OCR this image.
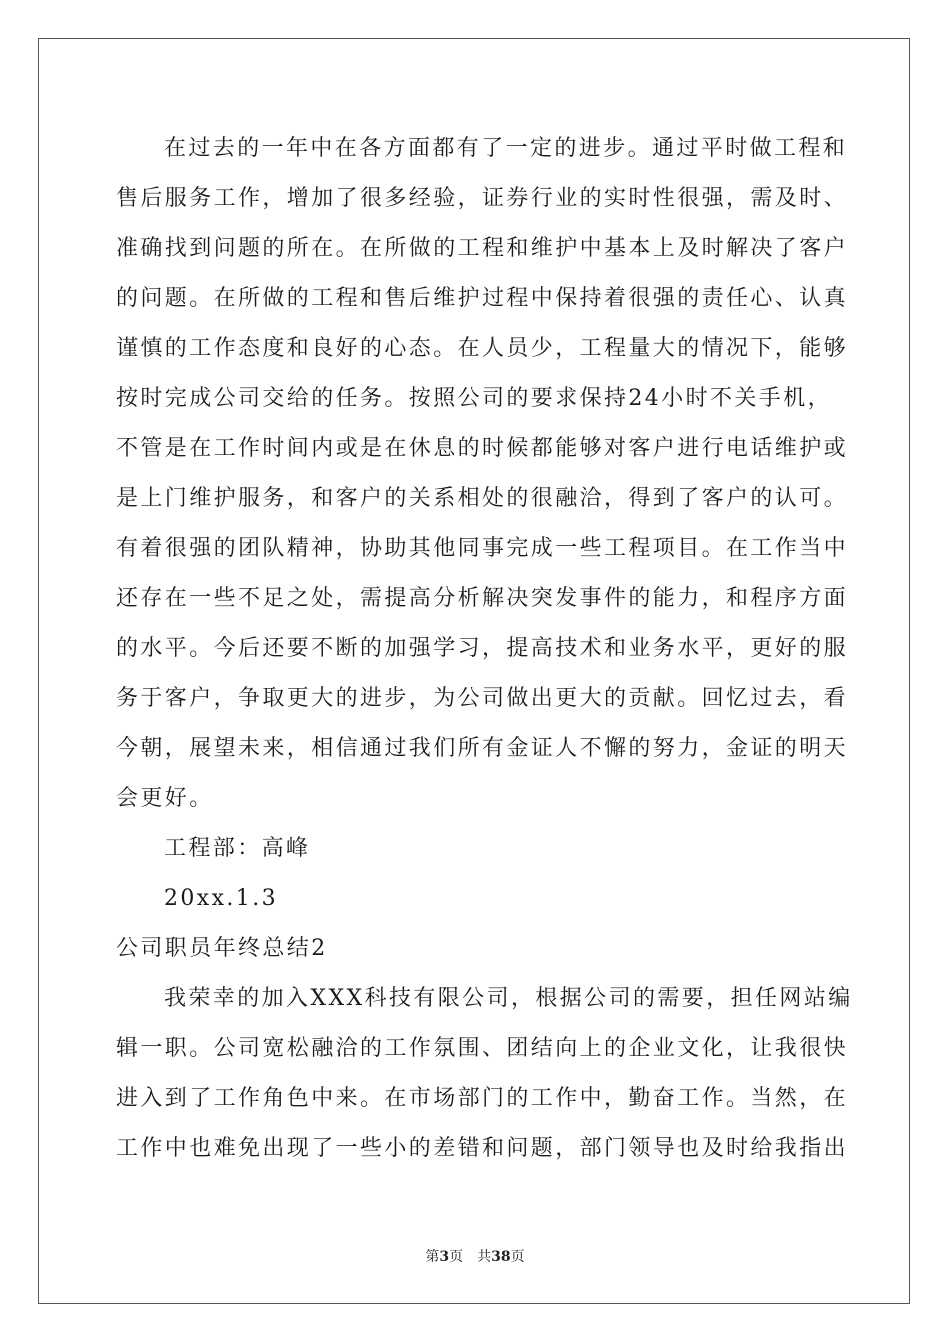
在过去的一年中在各方面都有了一定的进步。通过平时做工程和
售后服务工作，增加了很多经验，证券行业的实时性很强，需及时、
准确找到问题的所在。在所做的工程和维护中基本上及时解决了客户
的问题。在所做的工程和售后维护过程中保持着很强的责任心、认真
谨慎的工作态度和良好的心态。在人员少，工程量大的情况下，能够
按时完成公司交给的任务。按照公司的要求保持24小时不关手机，
不管是在工作时间内或是在休息的时候都能够对客户进行电话维护或
是上门维护服务，和客户的关系相处的很融洽，得到了客户的认可。
有着很强的团队精神，协助其他同事完成一些工程项目。在工作当中
还存在一些不足之处，需提高分析解决突发事件的能力，和程序方面
的水平。今后还要不断的加强学习，提高技术和业务水平，更好的服
务于客户，争取更大的进步，为公司做出更大的贡献。回忆过去，看
今朝，展望未来，相信通过我们所有金证人不懈的努力，金证的明天
会更好。
工程部：高峰
20xx.1.3
公司职员年终总结2
我荣幸的加入XXX科技有限公司，根据公司的需要，担任网站编
辑一职。公司宽松融洽的工作氛围、团结向上的企业文化，让我很快
进入到了工作角色中来。在市场部门的工作中，勤奋工作。当然，在
工作中也难免出现了一些小的差错和问题，部门领导也及时给我指出
第3页　共38页
